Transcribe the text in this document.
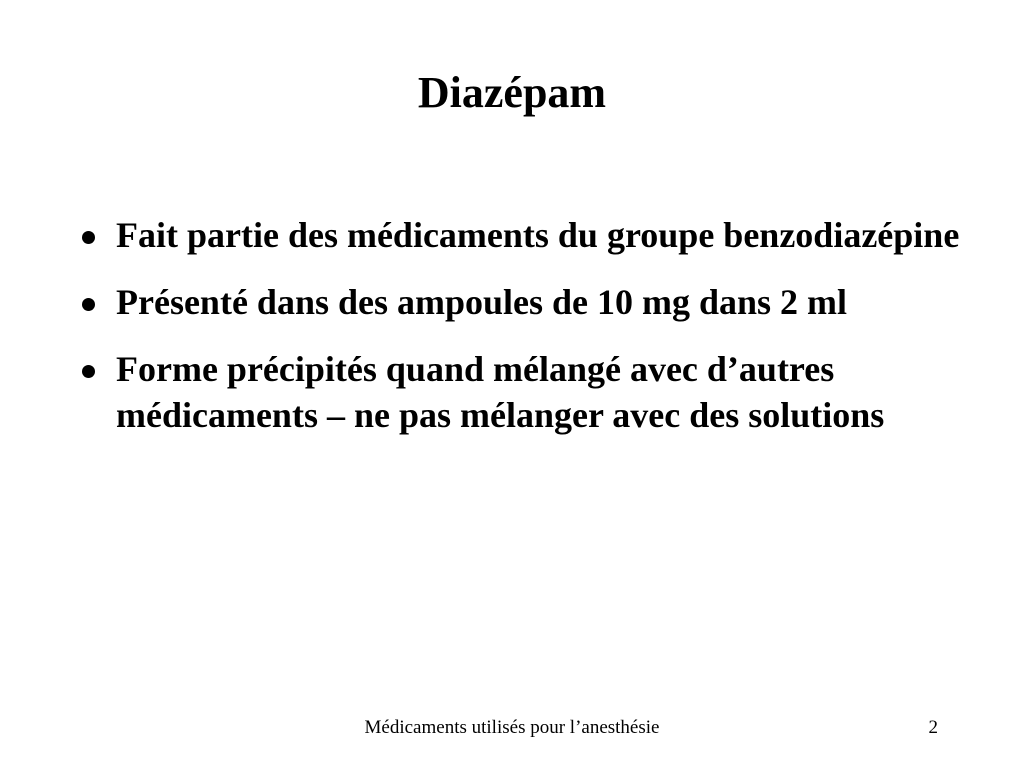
Diazépam
Fait partie des médicaments du groupe benzodiazépine
Présenté dans des ampoules de 10 mg dans 2 ml
Forme précipités quand mélangé avec d’autres médicaments – ne pas mélanger avec des solutions
Médicaments utilisés pour l’anesthésie	2
